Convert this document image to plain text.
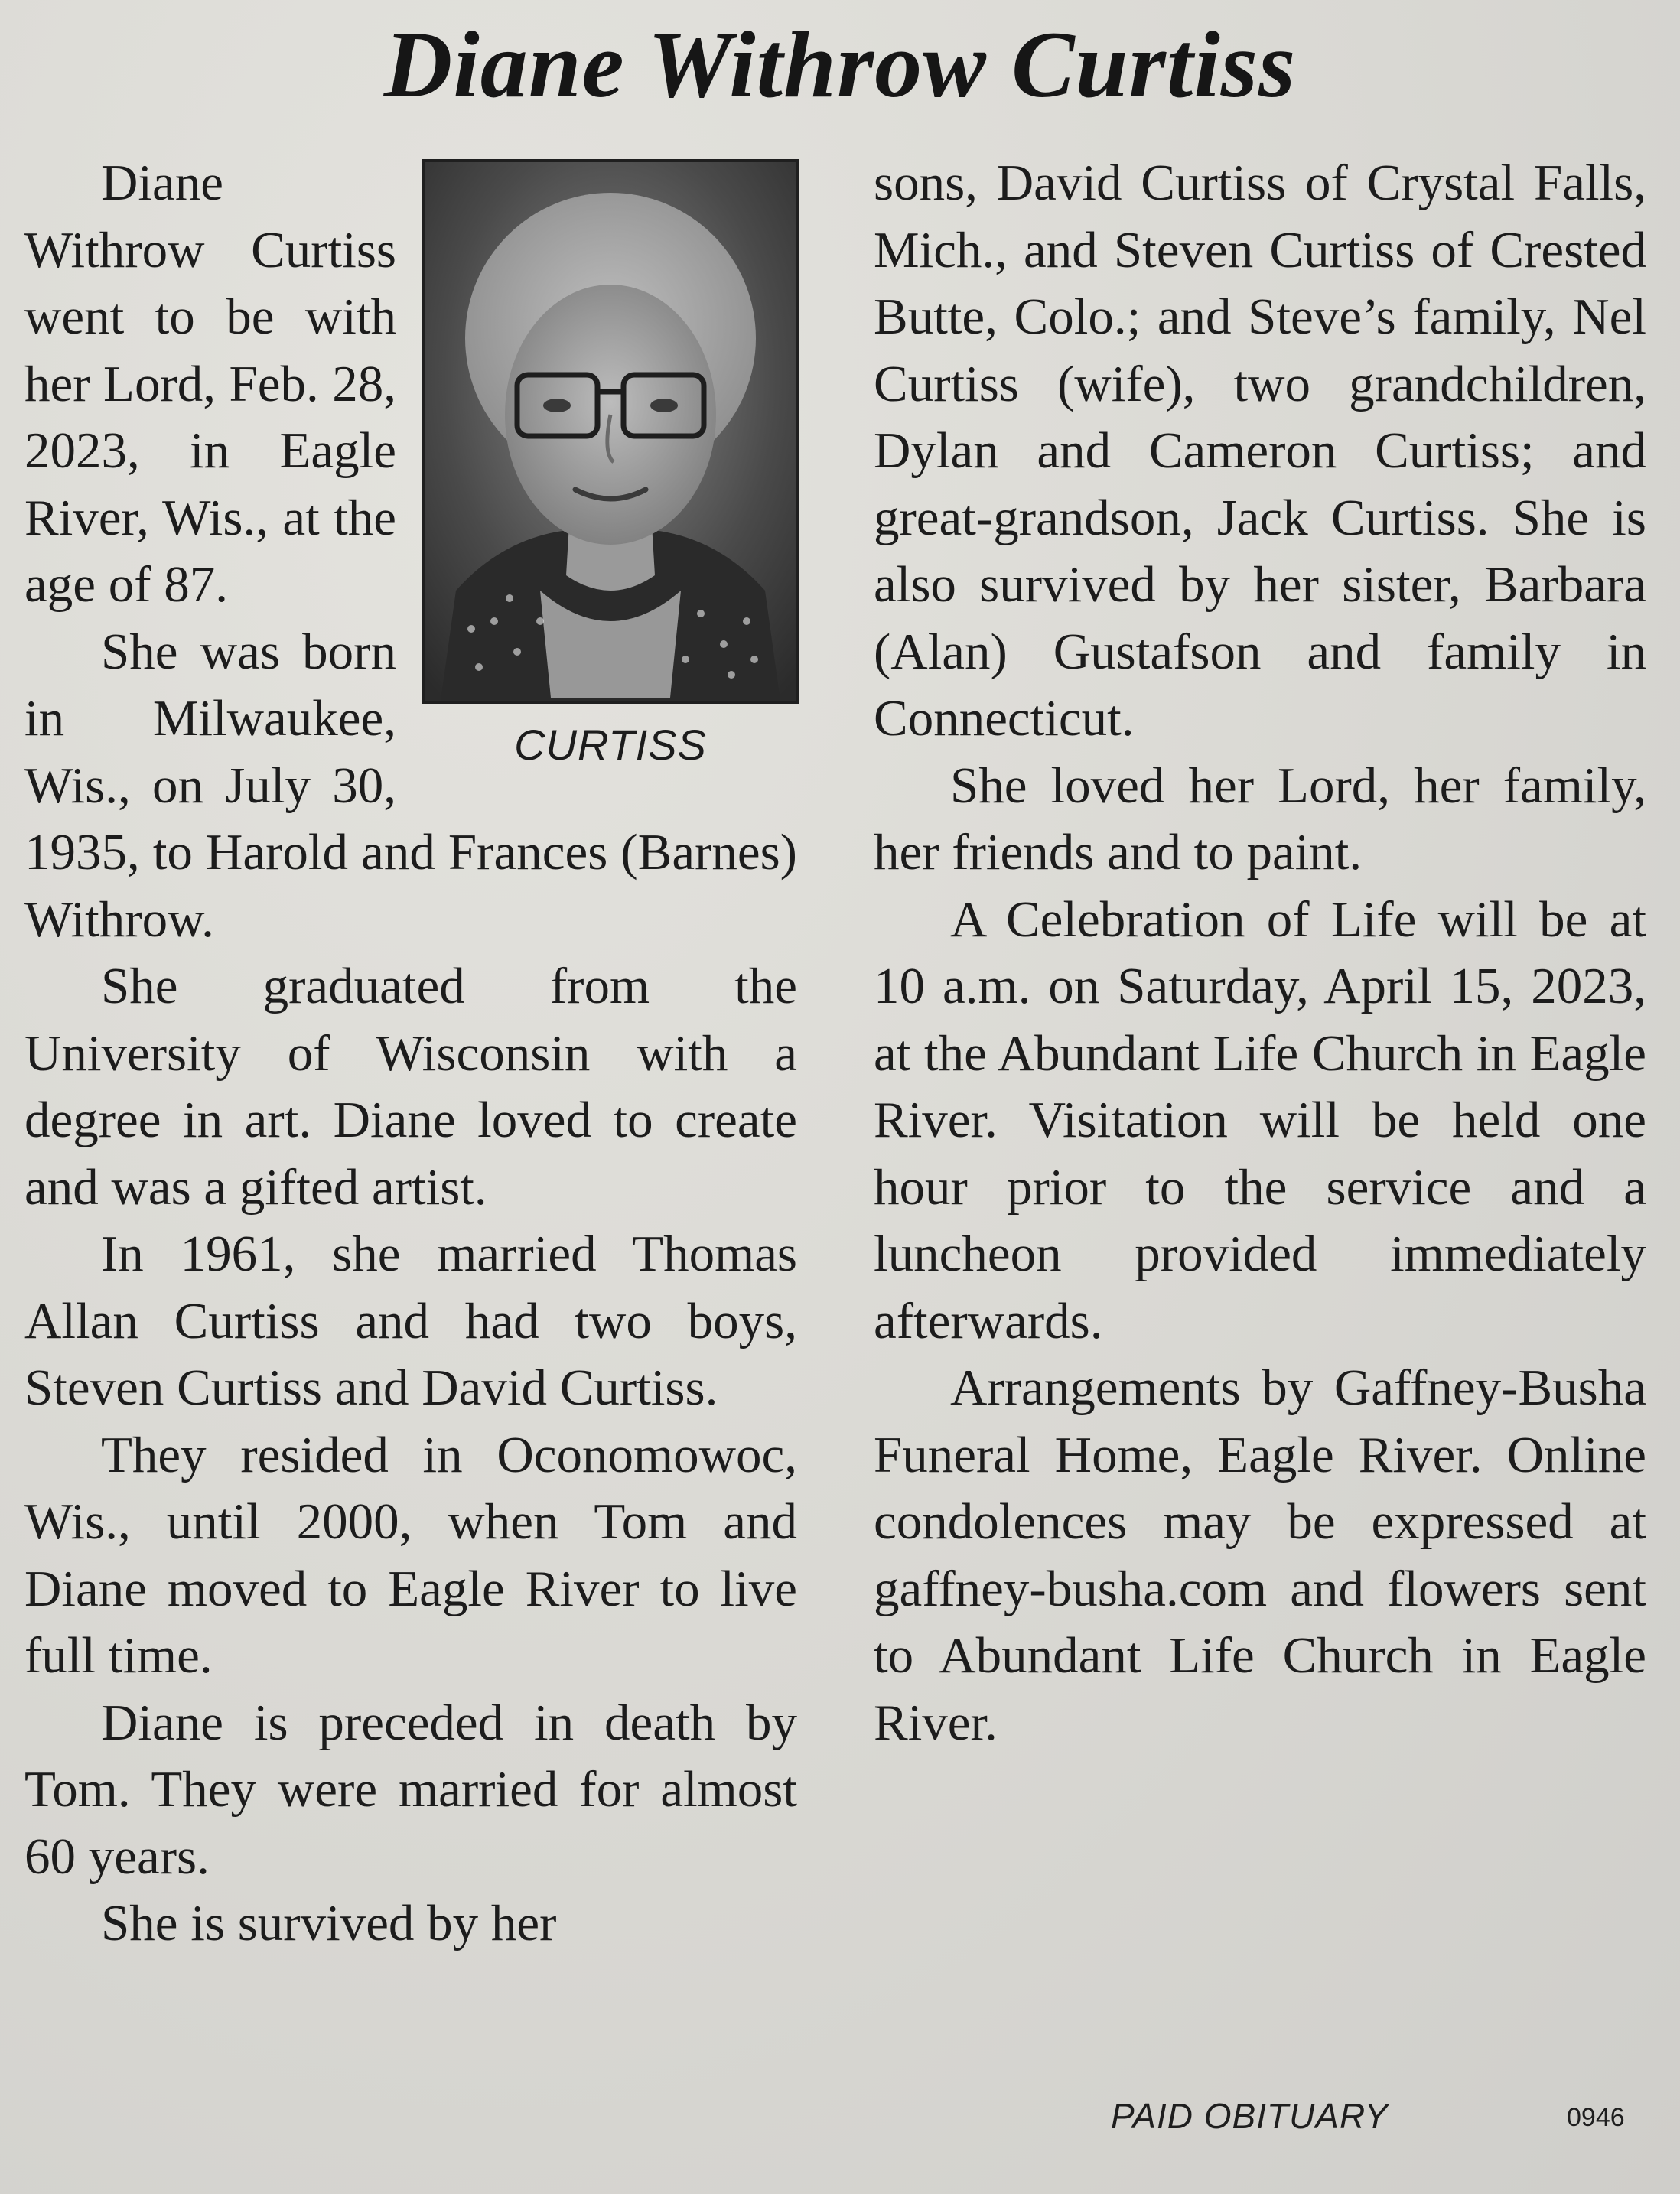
Diane Withrow Curtiss
CURTISS

Diane Withrow Curtiss went to be with her Lord, Feb. 28, 2023, in Eagle River, Wis., at the age of 87.

She was born in Milwaukee, Wis., on July 30, 1935, to Harold and Frances (Barnes) Withrow.

She graduated from the University of Wisconsin with a degree in art. Diane loved to create and was a gifted artist.

In 1961, she married Thomas Allan Curtiss and had two boys, Steven Curtiss and David Curtiss.

They resided in Oconomowoc, Wis., until 2000, when Tom and Diane moved to Eagle River to live full time.

Diane is preceded in death by Tom. They were married for almost 60 years.

She is survived by her

sons, David Curtiss of Crystal Falls, Mich., and Steven Curtiss of Crested Butte, Colo.; and Steve’s family, Nel Curtiss (wife), two grandchildren, Dylan and Cameron Curtiss; and great-grandson, Jack Curtiss. She is also survived by her sister, Barbara (Alan) Gustafson and family in Connecticut.

She loved her Lord, her family, her friends and to paint.

A Celebration of Life will be at 10 a.m. on Saturday, April 15, 2023, at the Abundant Life Church in Eagle River. Visitation will be held one hour prior to the service and a luncheon provided immediately afterwards.

Arrangements by Gaffney-Busha Funeral Home, Eagle River. Online condolences may be expressed at gaffney-busha.com and flowers sent to Abundant Life Church in Eagle River.

PAID OBITUARY	0946
